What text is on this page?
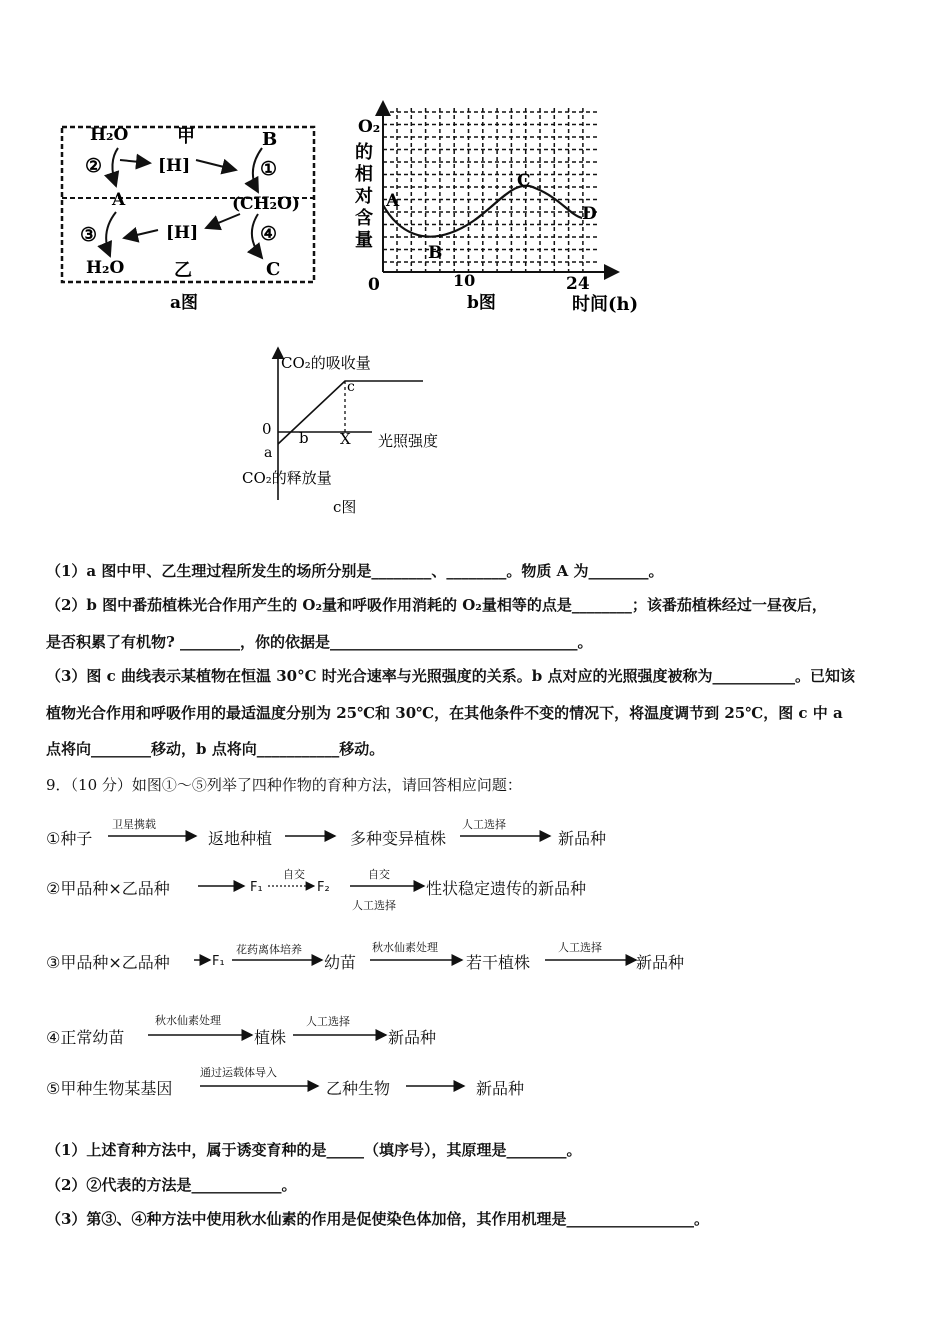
H₂O	甲	B
②	[H]	①
A	(CH₂O)
③	[H]	④
H₂O	乙	C
a图
O₂
的
相
对
含
量
A
B
C
D
0	10	24
b图	时间(h)
CO₂的吸收量
0
a
b
c
X 光照强度
CO₂的释放量
c图
（1）a 图中甲、乙生理过程所发生的场所分别是________、________。物质 A 为________。
（2）b 图中番茄植株光合作用产生的 O₂量和呼吸作用消耗的 O₂量相等的点是________；该番茄植株经过一昼夜后，
是否积累了有机物? ________，你的依据是_________________________________。
（3）图 c 曲线表示某植物在恒温 30°C 时光合速率与光照强度的关系。b 点对应的光照强度被称为___________。已知该
植物光合作用和呼吸作用的最适温度分别为 25℃和 30℃，在其他条件不变的情况下，将温度调节到 25℃，图 c 中 a
点将向________移动，b 点将向___________移动。
9．（10 分）如图①～⑤列举了四种作物的育种方法，请回答相应问题：
①种子
卫星携载
返地种植	多种变异植株
人工选择
新品种
②甲品种×乙品种	F₁
自交
F₂
自交
人工选择
性状稳定遗传的新品种
③甲品种×乙品种	F₁
花药离体培养
幼苗
秋水仙素处理
若干植株
人工选择
新品种
④正常幼苗
秋水仙素处理
植株
人工选择
新品种
⑤甲种生物某基因
通过运载体导入
乙种生物	新品种
（1）上述育种方法中，属于诱变育种的是_____（填序号），其原理是________。
（2）②代表的方法是____________。
（3）第③、④种方法中使用秋水仙素的作用是促使染色体加倍，其作用机理是_________________。
